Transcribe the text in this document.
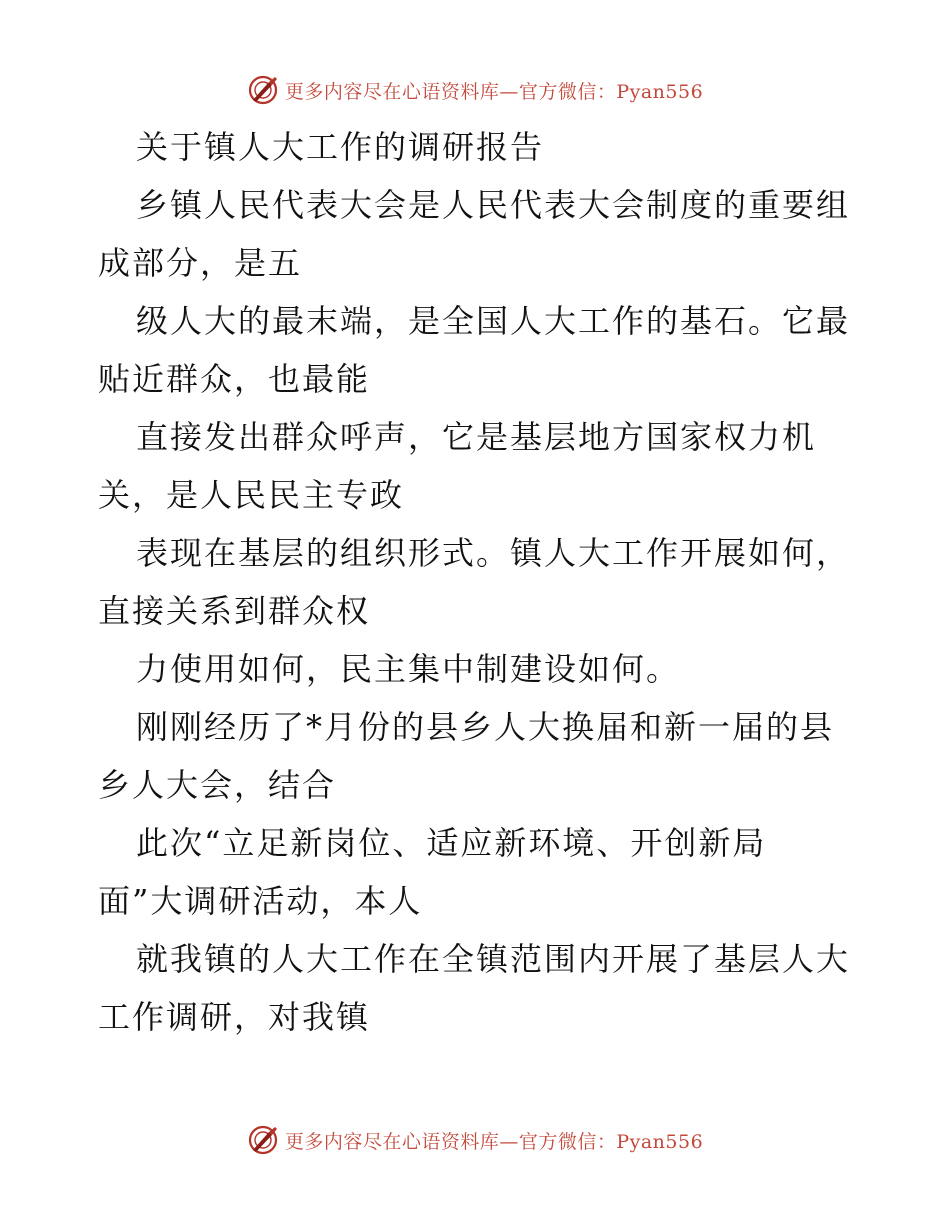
更多内容尽在心语资料库—官方微信：Pyan556
关于镇人大工作的调研报告
乡镇人民代表大会是人民代表大会制度的重要组
成部分，是五
级人大的最末端，是全国人大工作的基石。它最
贴近群众，也最能
直接发出群众呼声，它是基层地方国家权力机
关，是人民民主专政
表现在基层的组织形式。镇人大工作开展如何，
直接关系到群众权
力使用如何，民主集中制建设如何。
刚刚经历了*月份的县乡人大换届和新一届的县
乡人大会，结合
此次“立足新岗位、适应新环境、开创新局
面”大调研活动，本人
就我镇的人大工作在全镇范围内开展了基层人大
工作调研，对我镇
更多内容尽在心语资料库—官方微信：Pyan556
